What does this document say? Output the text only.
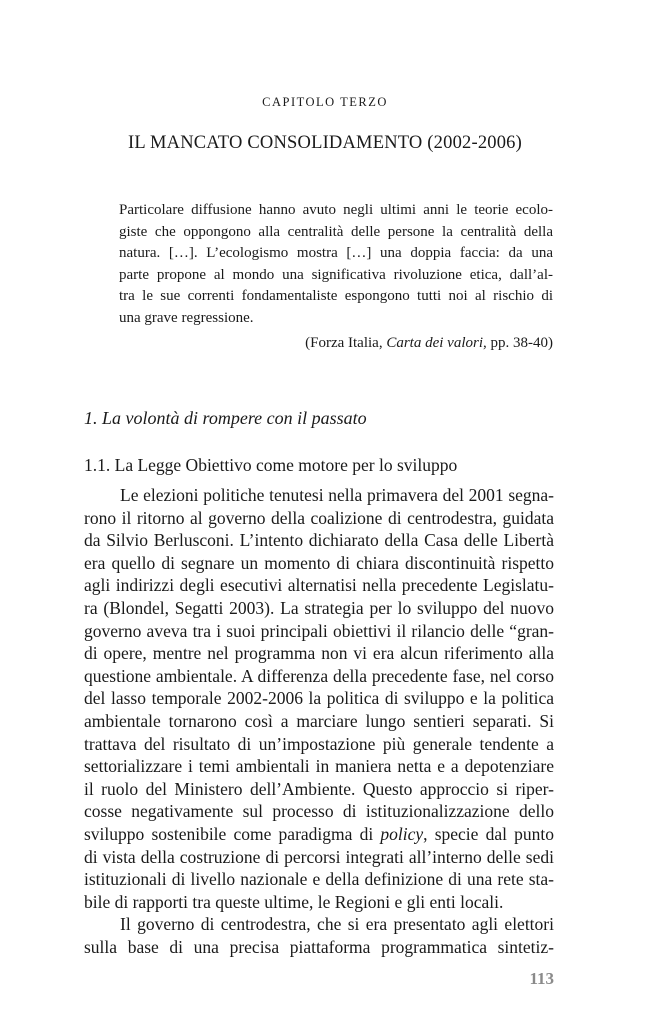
CAPITOLO TERZO
IL MANCATO CONSOLIDAMENTO (2002-2006)
Particolare diffusione hanno avuto negli ultimi anni le teorie ecolo-
giste che oppongono alla centralità delle persone la centralità della
natura. […]. L’ecologismo mostra […] una doppia faccia: da una
parte propone al mondo una significativa rivoluzione etica, dall’al-
tra le sue correnti fondamentaliste espongono tutti noi al rischio di
una grave regressione.
(Forza Italia, Carta dei valori, pp. 38-40)
1. La volontà di rompere con il passato
1.1. La Legge Obiettivo come motore per lo sviluppo
Le elezioni politiche tenutesi nella primavera del 2001 segna-
rono il ritorno al governo della coalizione di centrodestra, guidata
da Silvio Berlusconi. L’intento dichiarato della Casa delle Libertà
era quello di segnare un momento di chiara discontinuità rispetto
agli indirizzi degli esecutivi alternatisi nella precedente Legislatu-
ra (Blondel, Segatti 2003). La strategia per lo sviluppo del nuovo
governo aveva tra i suoi principali obiettivi il rilancio delle “gran-
di opere, mentre nel programma non vi era alcun riferimento alla
questione ambientale. A differenza della precedente fase, nel corso
del lasso temporale 2002-2006 la politica di sviluppo e la politica
ambientale tornarono così a marciare lungo sentieri separati. Si
trattava del risultato di un’impostazione più generale tendente a
settorializzare i temi ambientali in maniera netta e a depotenziare
il ruolo del Ministero dell’Ambiente. Questo approccio si riper-
cosse negativamente sul processo di istituzionalizzazione dello
sviluppo sostenibile come paradigma di policy, specie dal punto
di vista della costruzione di percorsi integrati all’interno delle sedi
istituzionali di livello nazionale e della definizione di una rete sta-
bile di rapporti tra queste ultime, le Regioni e gli enti locali.
Il governo di centrodestra, che si era presentato agli elettori
sulla base di una precisa piattaforma programmatica sintetiz-
113
